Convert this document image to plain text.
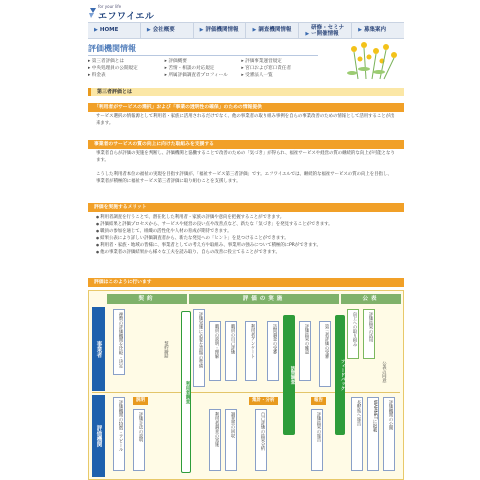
for your life
エフワイエル
▶ HOME	▶ 会社概要	▶ 評価機関情報	▶ 調査機関情報
▶研修・セミナー開催情報
▶ 募集案内
評価機関情報
▸ 第三者評価とは	▸ 評価概要	▸ 評価事業運営規定
▸ 中央処理員の公開規定	▸ 苦情・相談の対応規定	▸ 宮口および窓口責任者
▸ 料金表	▸ 所属評価調査者プロフィール	▸ 受審法人一覧
第三者評価とは
「利用者がサービスの選択」および「事業の透明性の確保」のための情報提供
サービス選択の情報源として利用者・家族に活用されるだけでなく、他の事業者の取り組み事例を自らの事業改善のための情報として活用することが出来ます。
事業者のサービスの質の向上に向けた取組みを支援する
事業者自らが評価の実施を判断し、評価機関と協働することで改善のための「気づき」が得られ、福祉サービスや経営の質の継続的な向上が可能となります。
こうした利用者本位の福祉の実現を目指す評価が、「福祉サービス第三者評価」です。エフワイエルでは、継続的な福祉サービスの質の向上を目指し、事業者が積極的に福祉サービス第三者評価に取り組むことを支援します。
評価を実施するメリット
● 利用者調査を行うことで、潜在化した利用者・家族の評価や意向を把握することができます。
● 評価結果と評価プロセスから、サービスや経営の良い点や改善点など、新たな「気づき」を発見することができます。
● 職員の参加を通じて、組織の活性化や人材の育成が期待できます。
● 結果公表により詳しい評価調査者から、新たな発見への「ヒント」を見つけることができます。
● 利用者・家族・地域の皆様に、事業者としての考え方や取組み、事業所の強みについて積極的にPRができます。
● 他の事業者の評価結果から様々な工夫を読み取り、自らの改善に役立てることができます。
評価はこのように行います
契約	評価の実施	公表
事業者
評価機関
複数の評価機関を比較・決定	契約締結	評価実施に必要な書類の準備	職員の説明・理解	職員の自己評価	利用者アンケート	訪問調査の受審	評価結果の確認	第三者評価の受審	向上への取り組み	評価結果の活用
公表の同意
訪問調査	フィードバック
利用者調査
説明	集計・分析	報告
評価機関の特徴・アピール	評価手法の説明	利用者調査の実施	調査票の回収	自己評価の結果分析	評価結果の報告	長野県へ報告	WAMNETに掲載	評価機関の公開
